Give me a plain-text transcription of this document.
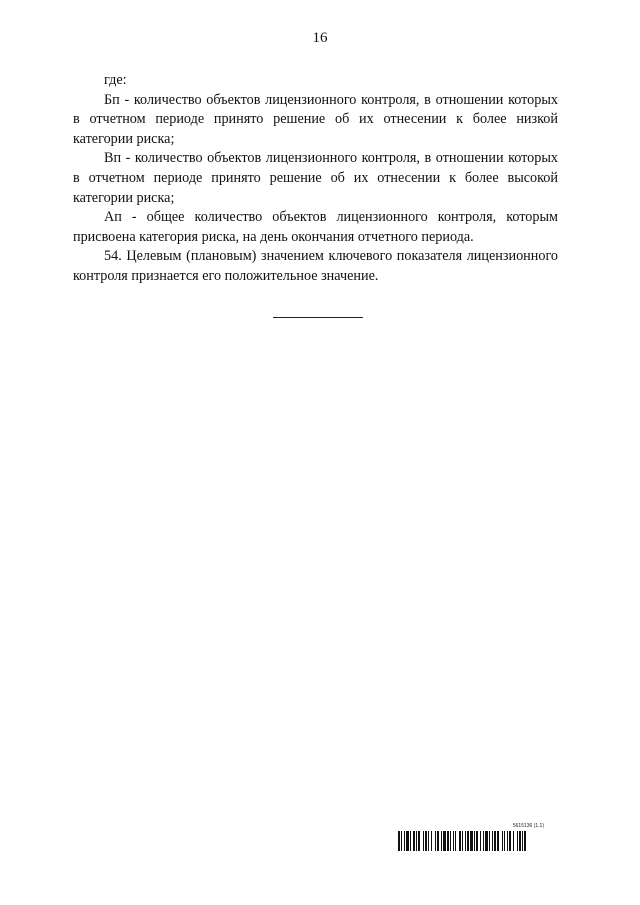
16

где:

Бп - количество объектов лицензионного контроля, в отношении которых в отчетном периоде принято решение об их отнесении к более низкой категории риска;

Вп - количество объектов лицензионного контроля, в отношении которых в отчетном периоде принято решение об их отнесении к более высокой категории риска;

Ап - общее количество объектов лицензионного контроля, которым присвоена категория риска, на день окончания отчетного периода.

54. Целевым (плановым) значением ключевого показателя лицензионного контроля признается его положительное значение.

5615136 (1.1)
